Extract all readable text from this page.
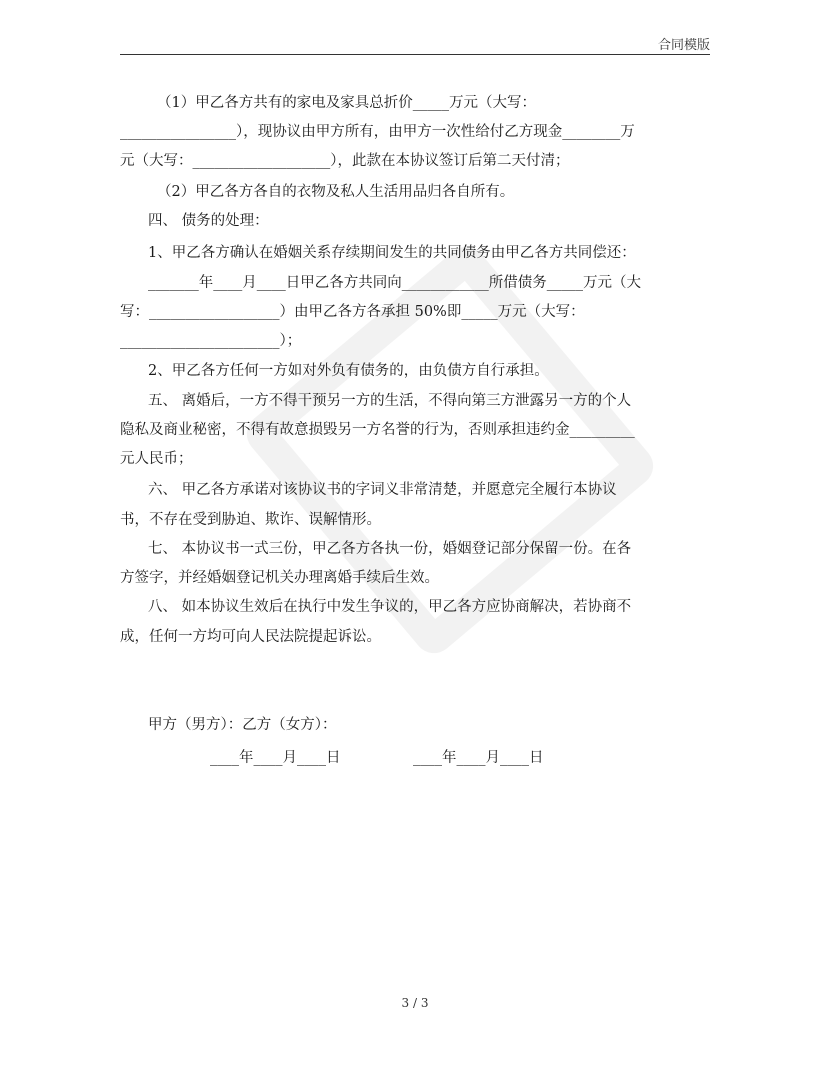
合同模版
（1）甲乙各方共有的家电及家具总折价_____万元（大写：
________________），现协议由甲方所有，由甲方一次性给付乙方现金________万
元（大写：___________________），此款在本协议签订后第二天付清；
（2）甲乙各方各自的衣物及私人生活用品归各自所有。
四、 债务的处理：
1、甲乙各方确认在婚姻关系存续期间发生的共同债务由甲乙各方共同偿还：
_______年____月____日甲乙各方共同向____________所借债务_____万元（大
写：__________________）由甲乙各方各承担 50%即_____万元（大写：
______________________）；
2、甲乙各方任何一方如对外负有债务的，由负债方自行承担。
五、 离婚后，一方不得干预另一方的生活，不得向第三方泄露另一方的个人
隐私及商业秘密，不得有故意损毁另一方名誉的行为，否则承担违约金_________
元人民币；
六、 甲乙各方承诺对该协议书的字词义非常清楚，并愿意完全履行本协议
书，不存在受到胁迫、欺诈、误解情形。
七、 本协议书一式三份，甲乙各方各执一份，婚姻登记部分保留一份。在各
方签字，并经婚姻登记机关办理离婚手续后生效。
八、 如本协议生效后在执行中发生争议的，甲乙各方应协商解决，若协商不
成，任何一方均可向人民法院提起诉讼。
甲方（男方）：乙方（女方）：
____年____月____日	____年____月____日
3 / 3
